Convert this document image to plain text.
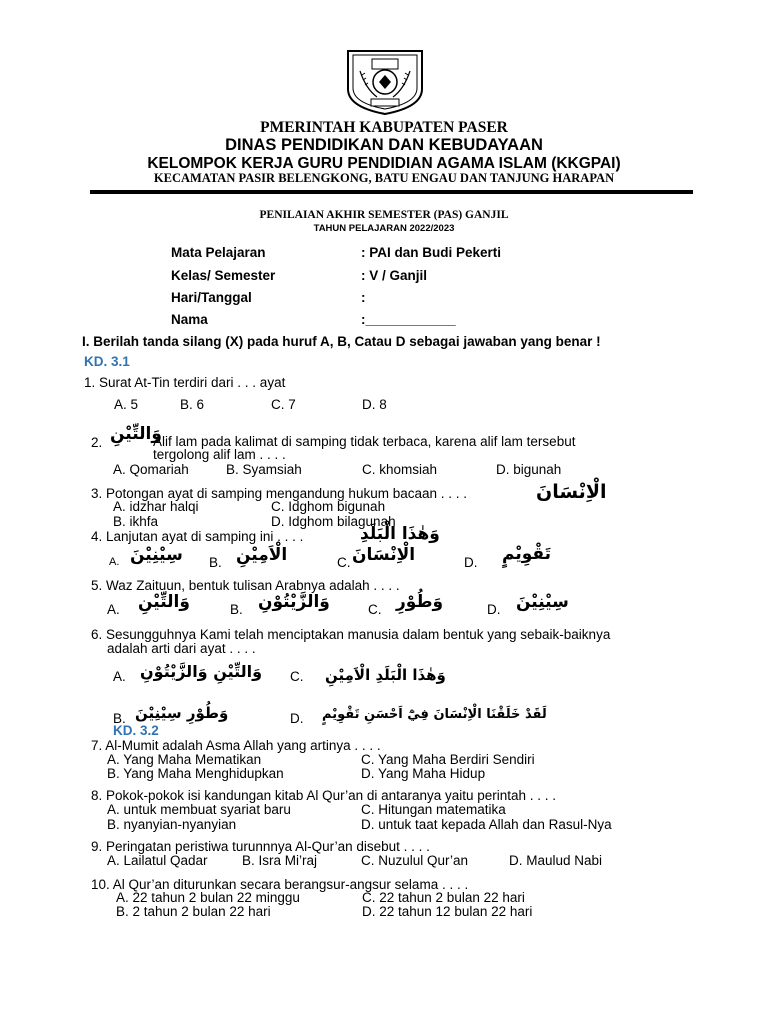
PMERINTAH KABUPATEN PASER
DINAS PENDIDIKAN DAN KEBUDAYAAN
KELOMPOK KERJA GURU PENDIDIAN AGAMA ISLAM (KKGPAI)
KECAMATAN PASIR BELENGKONG, BATU ENGAU DAN TANJUNG HARAPAN
PENILAIAN AKHIR SEMESTER (PAS) GANJIL
TAHUN PELAJARAN 2022/2023
Mata Pelajaran	: PAI dan Budi Pekerti
Kelas/ Semester	: V / Ganjil
Hari/Tanggal	:
Nama	:____________
I. Berilah tanda silang (X) pada huruf A, B, Catau D sebagai jawaban yang benar !
KD. 3.1
1. Surat At-Tin terdiri dari . . . ayat
A. 5	B. 6	C. 7	D. 8
2. وَالتِّيْنِ
Alif lam pada kalimat di samping tidak terbaca, karena alif lam tersebut
tergolong alif lam . . . .
A. Qomariah	B. Syamsiah	C. khomsiah	D. bigunah
3. Potongan ayat di samping mengandung hukum bacaan . . . .	الْاِنْسَانَ
A. idzhar halqi	C. Idghom bigunah
B. ikhfa	D. Idghom bilagunah
4. Lanjutan ayat di samping ini . . . .	وَهٰذَا الْبَلَدِ
A. سِيْنِيْنَ B. الْاَمِيْنِ	C. الْاِنْسَانَ	D. تَقْوِيْمٍ
5. Waz Zaituun, bentuk tulisan Arabnya adalah . . . .
A. وَالتِّيْنِ	B. وَالزَّيْتُوْنِ	C. وَطُوْرِ	D. سِيْنِيْنَ
6. Sesungguhnya Kami telah menciptakan manusia dalam bentuk yang sebaik-baiknya
adalah arti dari ayat . . . .
A. وَالتِّيْنِ وَالزَّيْتُوْنِ C. وَهٰذَا الْبَلَدِ الْاَمِيْنِ
B. وَطُوْرِ سِيْنِيْنَ	D. لَقَدْ خَلَقْنَا الْاِنْسَانَ فِيْٓ اَحْسَنِ تَقْوِيْمٍ
KD. 3.2
7. Al-Mumit adalah Asma Allah yang artinya . . . .
A. Yang Maha Mematikan	C. Yang Maha Berdiri Sendiri
B. Yang Maha Menghidupkan	D. Yang Maha Hidup
8. Pokok-pokok isi kandungan kitab Al Qur’an di antaranya yaitu perintah . . . .
A. untuk membuat syariat baru	C. Hitungan matematika
B. nyanyian-nyanyian	D. untuk taat kepada Allah dan Rasul-Nya
9. Peringatan peristiwa turunnnya Al-Qur’an disebut . . . .
A. Lailatul Qadar	B. Isra Mi’raj	C. Nuzulul Qur’an	D. Maulud Nabi
10. Al Qur’an diturunkan secara berangsur-angsur selama . . . .
A. 22 tahun 2 bulan 22 minggu	C. 22 tahun 2 bulan 22 hari
B. 2 tahun 2 bulan 22 hari	D. 22 tahun 12 bulan 22 hari
